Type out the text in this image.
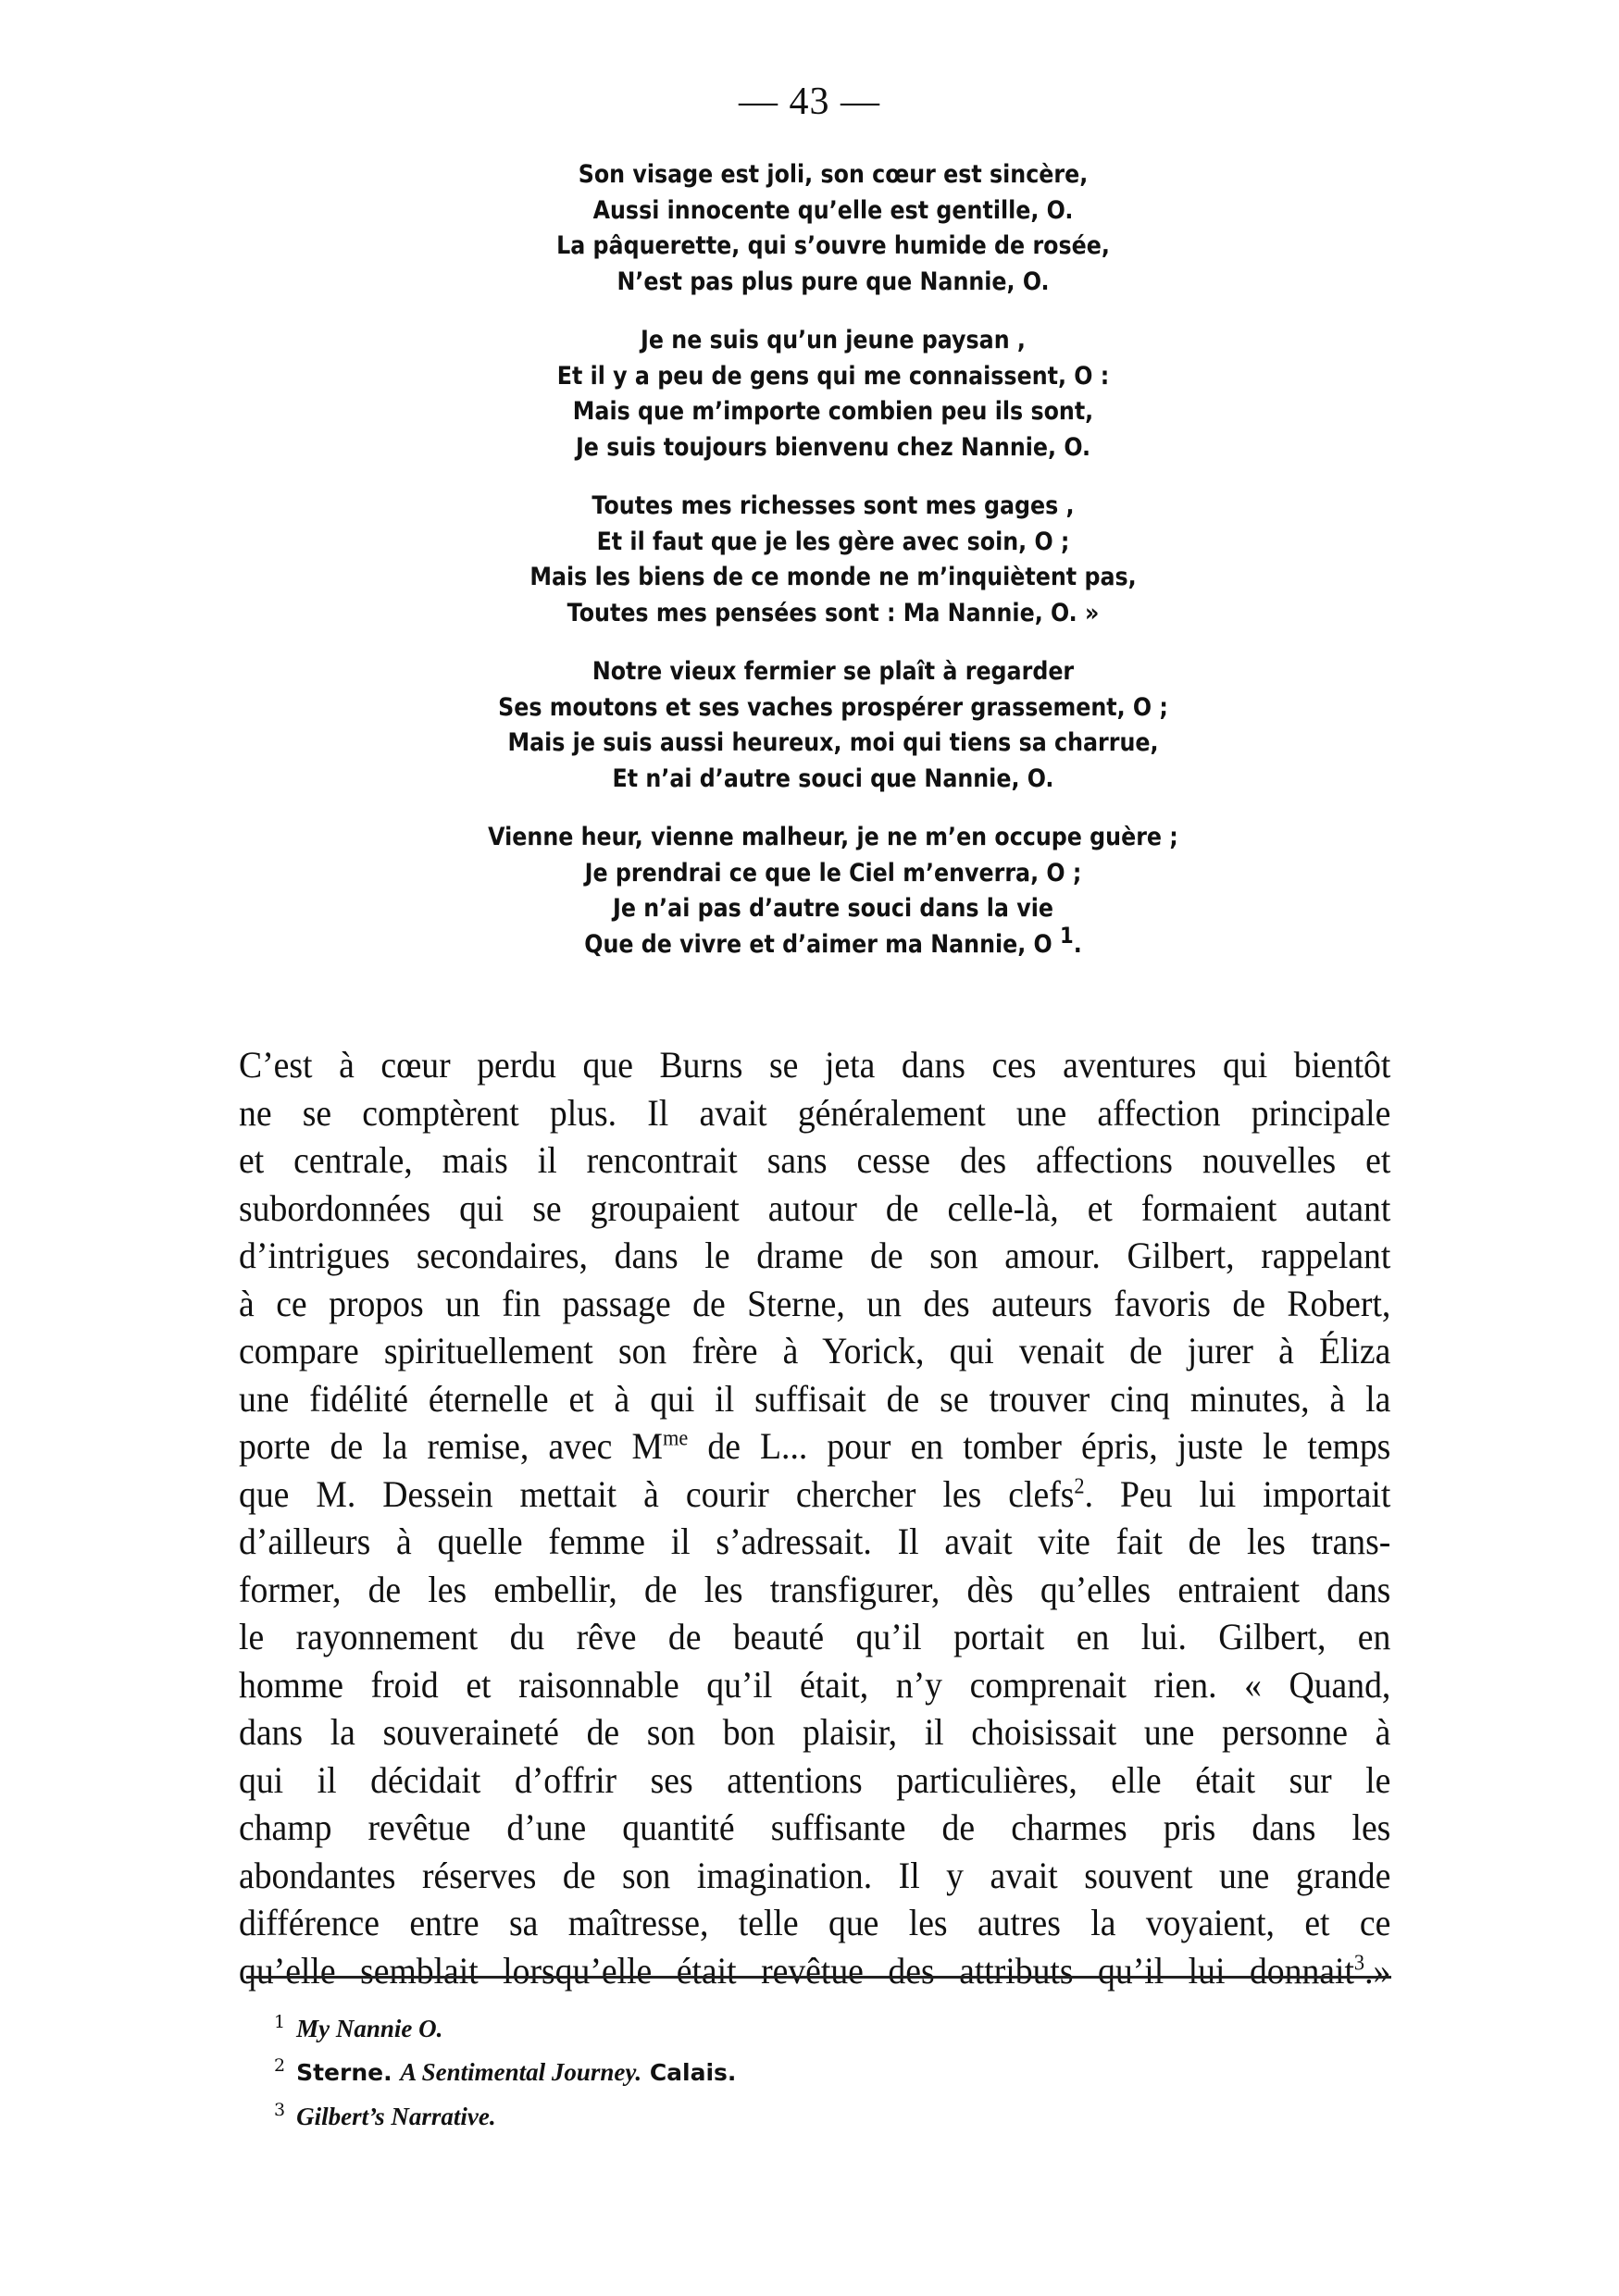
— 43 —
Son visage est joli, son cœur est sincère,
Aussi innocente qu’elle est gentille, O.
La pâquerette, qui s’ouvre humide de rosée,
N’est pas plus pure que Nannie, O.
Je ne suis qu’un jeune paysan ,
Et il y a peu de gens qui me connaissent, O :
Mais que m’importe combien peu ils sont,
Je suis toujours bienvenu chez Nannie, O.
Toutes mes richesses sont mes gages ,
Et il faut que je les gère avec soin, O ;
Mais les biens de ce monde ne m’inquiètent pas,
Toutes mes pensées sont : Ma Nannie, O. »
Notre vieux fermier se plaît à regarder
Ses moutons et ses vaches prospérer grassement, O ;
Mais je suis aussi heureux, moi qui tiens sa charrue,
Et n’ai d’autre souci que Nannie, O.
Vienne heur, vienne malheur, je ne m’en occupe guère ;
Je prendrai ce que le Ciel m’enverra, O ;
Je n’ai pas d’autre souci dans la vie
Que de vivre et d’aimer ma Nannie, O $^1$.
C’est à cœur perdu que Burns se jeta dans ces aventures qui bientôt
ne se comptèrent plus. Il avait généralement une affection principale
et centrale, mais il rencontrait sans cesse des affections nouvelles et
subordonnées qui se groupaient autour de celle-là, et formaient autant
d’intrigues secondaires, dans le drame de son amour. Gilbert, rappelant
à ce propos un fin passage de Sterne, un des auteurs favoris de Robert,
compare spirituellement son frère à Yorick, qui venait de jurer à Éliza
une fidélité éternelle et à qui il suffisait de se trouver cinq minutes, à la
porte de la remise, avec M$^{me}$ de L... pour en tomber épris, juste le temps
que M. Dessein mettait à courir chercher les clefs$^2$. Peu lui importait
d’ailleurs à quelle femme il s’adressait. Il avait vite fait de les trans-
former, de les embellir, de les transfigurer, dès qu’elles entraient dans
le rayonnement du rêve de beauté qu’il portait en lui. Gilbert, en
homme froid et raisonnable qu’il était, n’y comprenait rien. « Quand,
dans la souveraineté de son bon plaisir, il choisissait une personne à
qui il décidait d’offrir ses attentions particulières, elle était sur le
champ revêtue d’une quantité suffisante de charmes pris dans les
abondantes réserves de son imagination. Il y avait souvent une grande
différence entre sa maîtresse, telle que les autres la voyaient, et ce
qu’elle semblait lorsqu’elle était revêtue des attributs qu’il lui donnait$^3$.»
$^1$ My Nannie O.
$^2$ Sterne. A Sentimental Journey. Calais.
$^3$ Gilbert’s Narrative.
